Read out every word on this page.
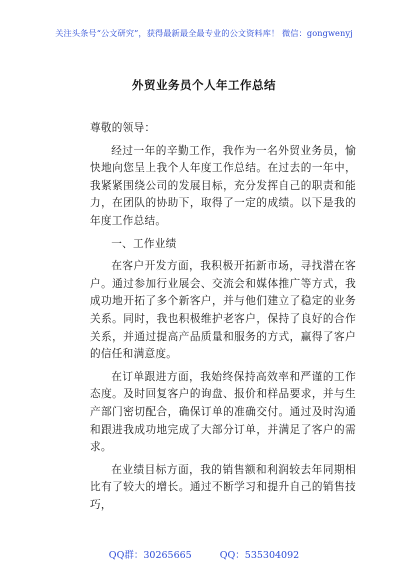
关注头条号“公文研究”，获得最新最全最专业的公文资料库！ 微信：gongwenyj
外贸业务员个人年工作总结

尊敬的领导：

经过一年的辛勤工作，我作为一名外贸业务员，愉快地向您呈上我个人年度工作总结。在过去的一年中，我紧紧围绕公司的发展目标，充分发挥自己的职责和能力，在团队的协助下，取得了一定的成绩。以下是我的年度工作总结。

一、工作业绩

在客户开发方面，我积极开拓新市场，寻找潜在客户。通过参加行业展会、交流会和媒体推广等方式，我成功地开拓了多个新客户，并与他们建立了稳定的业务关系。同时，我也积极维护老客户，保持了良好的合作关系，并通过提高产品质量和服务的方式，赢得了客户的信任和满意度。

在订单跟进方面，我始终保持高效率和严谨的工作态度。及时回复客户的询盘、报价和样品要求，并与生产部门密切配合，确保订单的准确交付。通过及时沟通和跟进我成功地完成了大部分订单，并满足了客户的需求。

在业绩目标方面，我的销售额和利润较去年同期相比有了较大的增长。通过不断学习和提升自己的销售技巧，

QQ群：30265665	QQ：535304092
